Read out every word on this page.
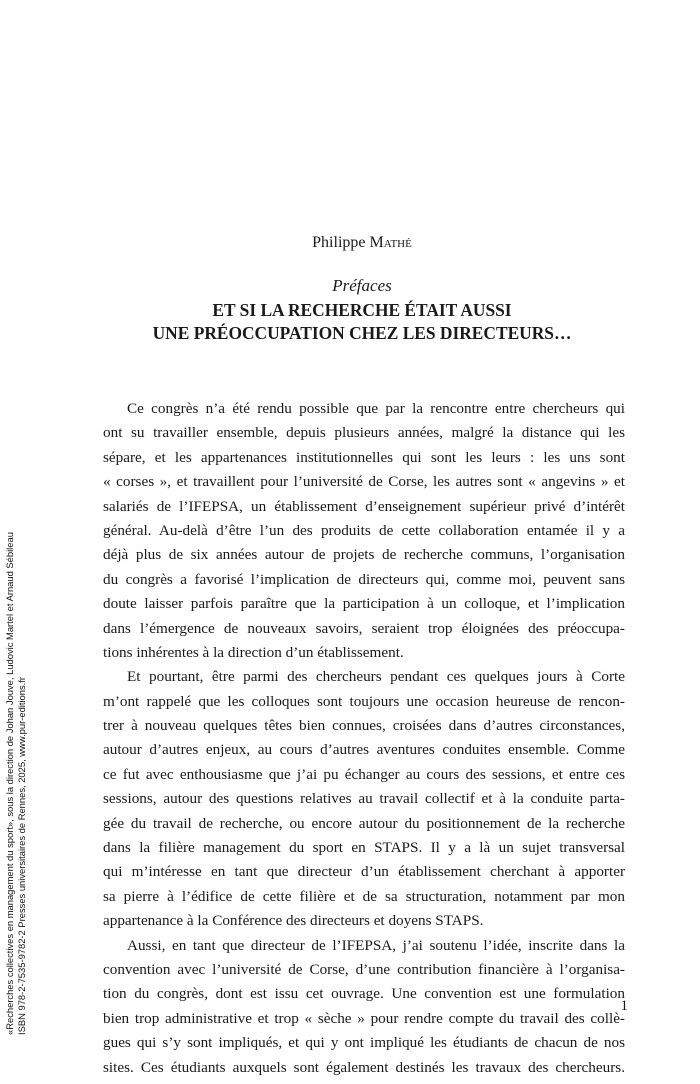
«Recherches collectives en management du sport», sous la direction de Johan Jouve, Ludovic Martel et Arnaud Sébileau ISBN 978-2-7535-9782-2 Presses universitaires de Rennes, 2025, www.pur-editions.fr
Philippe Mathé
Préfaces
ET SI LA RECHERCHE ÉTAIT AUSSI
UNE PRÉOCCUPATION CHEZ LES DIRECTEURS…
Ce congrès n’a été rendu possible que par la rencontre entre chercheurs qui
ont su travailler ensemble, depuis plusieurs années, malgré la distance qui les
sépare, et les appartenances institutionnelles qui sont les leurs : les uns sont
« corses », et travaillent pour l’université de Corse, les autres sont « angevins » et
salariés de l’IFEPSA, un établissement d’enseignement supérieur privé d’intérêt
général. Au-delà d’être l’un des produits de cette collaboration entamée il y a
déjà plus de six années autour de projets de recherche communs, l’organisation
du congrès a favorisé l’implication de directeurs qui, comme moi, peuvent sans
doute laisser parfois paraître que la participation à un colloque, et l’implication
dans l’émergence de nouveaux savoirs, seraient trop éloignées des préoccupa-
tions inhérentes à la direction d’un établissement.
Et pourtant, être parmi des chercheurs pendant ces quelques jours à Corte
m’ont rappelé que les colloques sont toujours une occasion heureuse de rencon-
trer à nouveau quelques têtes bien connues, croisées dans d’autres circonstances,
autour d’autres enjeux, au cours d’autres aventures conduites ensemble. Comme
ce fut avec enthousiasme que j’ai pu échanger au cours des sessions, et entre ces
sessions, autour des questions relatives au travail collectif et à la conduite parta-
gée du travail de recherche, ou encore autour du positionnement de la recherche
dans la filière management du sport en STAPS. Il y a là un sujet transversal
qui m’intéresse en tant que directeur d’un établissement cherchant à apporter
sa pierre à l’édifice de cette filière et de sa structuration, notamment par mon
appartenance à la Conférence des directeurs et doyens STAPS.
Aussi, en tant que directeur de l’IFEPSA, j’ai soutenu l’idée, inscrite dans la
convention avec l’université de Corse, d’une contribution financière à l’organisa-
tion du congrès, dont est issu cet ouvrage. Une convention est une formulation
bien trop administrative et trop « sèche » pour rendre compte du travail des collè-
gues qui s’y sont impliqués, et qui y ont impliqué les étudiants de chacun de nos
sites. Ces étudiants auxquels sont également destinés les travaux des chercheurs.
1
